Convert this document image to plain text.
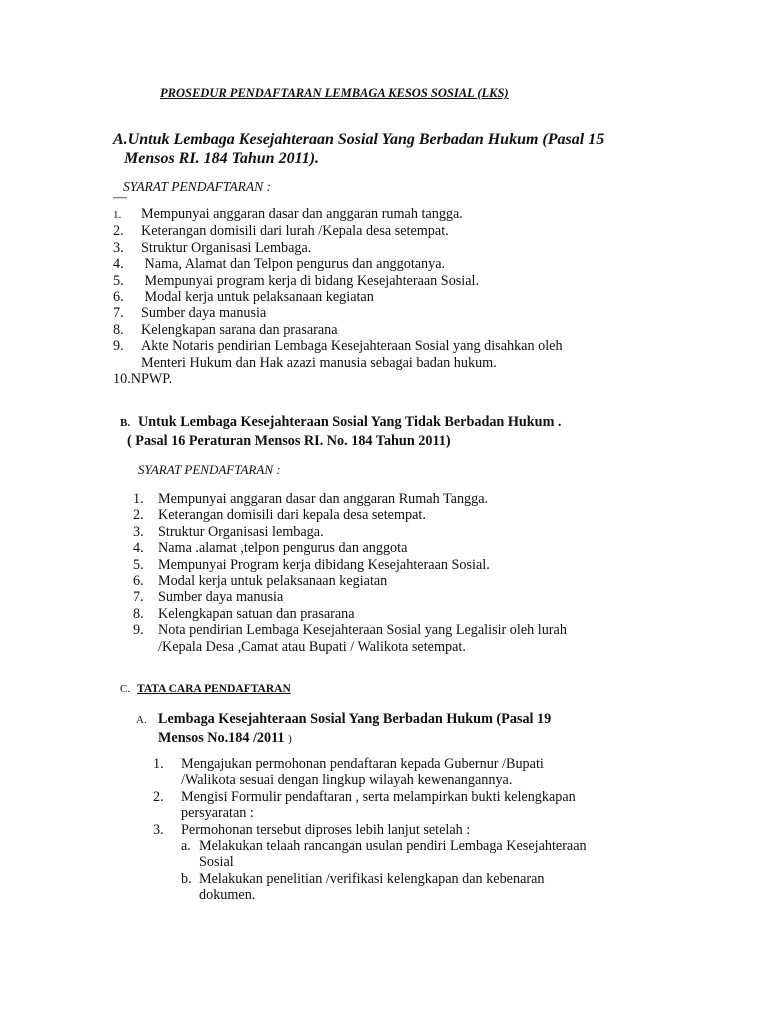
PROSEDUR PENDAFTARAN LEMBAGA KESOS SOSIAL (LKS)
A.Untuk Lembaga Kesejahteraan Sosial Yang Berbadan Hukum (Pasal 15
Mensos RI. 184 Tahun 2011).
SYARAT PENDAFTARAN :
—
1. Mempunyai anggaran dasar dan anggaran rumah tangga.
2. Keterangan domisili dari lurah /Kepala desa setempat.
3. Struktur Organisasi Lembaga.
4. Nama, Alamat dan Telpon pengurus dan anggotanya.
5. Mempunyai program kerja di bidang Kesejahteraan Sosial.
6. Modal kerja untuk pelaksanaan kegiatan
7. Sumber daya manusia
8. Kelengkapan sarana dan prasarana
9. Akte Notaris pendirian Lembaga Kesejahteraan Sosial yang disahkan oleh
Menteri Hukum dan Hak azazi manusia sebagai badan hukum.
10.NPWP.
B. Untuk Lembaga Kesejahteraan Sosial Yang Tidak Berbadan Hukum .
( Pasal 16 Peraturan Mensos RI. No. 184 Tahun 2011)
SYARAT PENDAFTARAN :
1. Mempunyai anggaran dasar dan anggaran Rumah Tangga.
2. Keterangan domisili dari kepala desa setempat.
3. Struktur Organisasi lembaga.
4. Nama .alamat ,telpon pengurus dan anggota
5. Mempunyai Program kerja dibidang Kesejahteraan Sosial.
6. Modal kerja untuk pelaksanaan kegiatan
7. Sumber daya manusia
8. Kelengkapan satuan dan prasarana
9. Nota pendirian Lembaga Kesejahteraan Sosial yang Legalisir oleh lurah
/Kepala Desa ,Camat atau Bupati / Walikota setempat.
C. TATA CARA PENDAFTARAN
A. Lembaga Kesejahteraan Sosial Yang Berbadan Hukum (Pasal 19
Mensos No.184 /2011 )
1. Mengajukan permohonan pendaftaran kepada Gubernur /Bupati
/Walikota sesuai dengan lingkup wilayah kewenangannya.
2. Mengisi Formulir pendaftaran , serta melampirkan bukti kelengkapan
persyaratan :
3. Permohonan tersebut diproses lebih lanjut setelah :
a. Melakukan telaah rancangan usulan pendiri Lembaga Kesejahteraan
Sosial
b. Melakukan penelitian /verifikasi kelengkapan dan kebenaran
dokumen.
